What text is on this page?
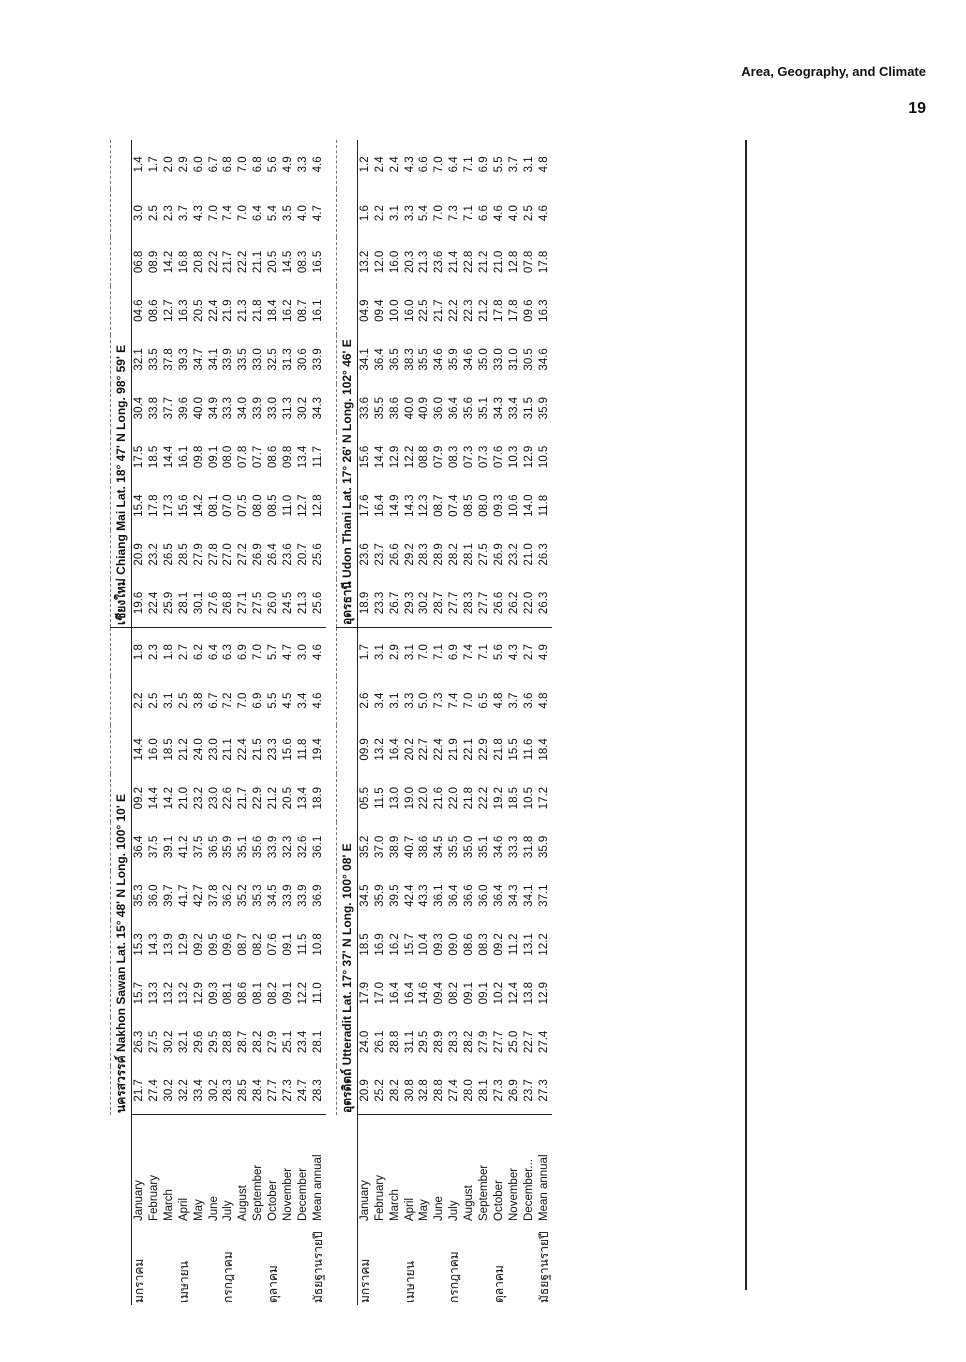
Area, Geography, and Climate
19
		นครสวรรค์ Nakhon Sawan Lat. 15° 48' N Long. 100° 10' E										เชียงใหม่ Chiang Mai Lat. 18° 47' N Long. 98° 59' E									
มกราคม	January	21.7	26.3	15.7	15.3	35.3	36.4	09.2	14.4	2.2	1.8	19.6	20.9	15.4	17.5	30.4	32.1	04.6	06.8	3.0	1.4
	February	27.4	27.5	13.3	14.3	36.0	37.5	14.4	16.0	2.5	2.3	22.4	23.2	17.8	18.5	33.8	33.5	08.6	08.9	2.5	1.7
	March	30.2	30.2	13.2	13.9	39.7	39.1	14.2	18.5	3.1	1.8	25.9	26.5	17.3	14.4	37.7	37.8	12.7	14.2	2.3	2.0
เมษายน	April	32.2	32.1	13.2	12.9	41.7	41.2	21.0	21.2	2.5	2.7	28.1	28.5	15.6	16.1	39.6	39.3	16.3	16.8	3.7	2.9
	May	33.4	29.6	12.9	09.2	42.7	37.5	23.2	24.0	3.8	6.2	30.1	27.9	14.2	09.8	40.0	34.7	20.5	20.8	4.3	6.0
	June	30.2	29.5	09.3	09.5	37.8	36.5	23.0	23.0	6.7	6.4	27.6	27.8	08.1	09.1	34.9	34.1	22.4	22.2	7.0	6.7
กรกฎาคม	July	28.3	28.8	08.1	09.6	36.2	35.9	22.6	21.1	7.2	6.3	26.8	27.0	07.0	08.0	33.3	33.9	21.9	21.7	7.4	6.8
	August	28.5	28.7	08.6	08.7	35.2	35.1	21.7	22.4	7.0	6.9	27.1	27.2	07.5	07.8	34.0	33.5	21.3	22.2	7.0	7.0
	September	28.4	28.2	08.1	08.2	35.3	35.6	22.9	21.5	6.9	7.0	27.5	26.9	08.0	07.7	33.9	33.0	21.8	21.1	6.4	6.8
ตุลาคม	October	27.7	27.9	08.2	07.6	34.5	33.9	21.2	23.3	5.5	5.7	26.0	26.4	08.5	08.6	33.0	32.5	18.4	20.5	5.4	5.6
	November	27.3	25.1	09.1	09.1	33.9	32.3	20.5	15.6	4.5	4.7	24.5	23.6	11.0	09.8	31.3	31.3	16.2	14.5	3.5	4.9
	December	24.7	23.4	12.2	11.5	33.9	32.6	13.4	11.8	3.4	3.0	21.3	20.7	12.7	13.4	30.2	30.6	08.7	08.3	4.0	3.3
มัธยฐานรายปี	Mean annual	28.3	28.1	11.0	10.8	36.9	36.1	18.9	19.4	4.6	4.6	25.6	25.6	12.8	11.7	34.3	33.9	16.1	16.5	4.7	4.6

		อุตรดิตถ์ Utteradit Lat. 17° 37' N Long. 100° 08' E										อุดรธานี Udon Thani Lat. 17° 26' N Long. 102° 46' E									
มกราคม	January	20.9	24.0	17.9	18.5	34.5	35.2	05.5	09.9	2.6	1.7	18.9	23.6	17.6	15.6	33.6	34.1	04.9	13.2	1.6	1.2
	February	25.2	26.1	17.0	16.9	35.9	37.0	11.5	13.2	3.4	3.1	23.3	23.7	16.4	14.4	35.5	36.4	09.4	12.0	2.2	2.4
	March	28.2	28.8	16.4	16.2	39.5	38.9	13.0	16.4	3.1	2.9	26.7	26.6	14.9	12.9	38.6	36.5	10.0	16.0	3.1	2.4
เมษายน	April	30.8	31.1	16.4	15.7	42.4	40.7	19.0	20.2	3.3	3.1	29.3	29.2	14.3	12.2	40.0	38.3	16.0	20.3	3.3	4.3
	May	32.8	29.5	14.6	10.4	43.3	38.6	22.0	22.7	5.0	7.0	30.2	28.3	12.3	08.8	40.9	35.5	22.5	21.3	5.4	6.6
	June	28.8	28.9	09.4	09.3	36.1	34.5	21.6	22.4	7.3	7.1	28.7	28.9	08.7	07.9	36.0	34.6	21.7	23.6	7.0	7.0
กรกฎาคม	July	27.4	28.3	08.2	09.0	36.4	35.5	22.0	21.9	7.4	6.9	27.7	28.2	07.4	08.3	36.4	35.9	22.2	21.4	7.3	6.4
	August	28.0	28.2	09.1	08.6	36.6	35.0	21.8	22.1	7.0	7.4	28.3	28.1	08.5	07.3	35.6	34.6	22.3	22.8	7.1	7.1
	September	28.1	27.9	09.1	08.3	36.0	35.1	22.2	22.9	6.5	7.1	27.7	27.5	08.0	07.3	35.1	35.0	21.2	21.2	6.6	6.9
ตุลาคม	October	27.3	27.7	10.2	09.2	36.4	34.6	19.2	21.8	4.8	5.6	26.6	26.9	09.3	07.6	34.3	33.0	17.8	21.0	4.6	5.5
	November	26.9	25.0	12.4	11.2	34.3	33.3	18.5	15.5	3.7	4.3	26.2	23.2	10.6	10.3	33.4	31.0	17.8	12.8	4.0	3.7
	December...	23.7	22.7	13.8	13.1	34.1	31.8	10.5	11.6	3.6	2.7	22.0	21.0	14.0	12.9	31.5	30.5	09.6	07.8	2.5	3.1
มัธยฐานรายปี	Mean annual	27.3	27.4	12.9	12.2	37.1	35.9	17.2	18.4	4.8	4.9	26.3	26.3	11.8	10.5	35.9	34.6	16.3	17.8	4.6	4.8
